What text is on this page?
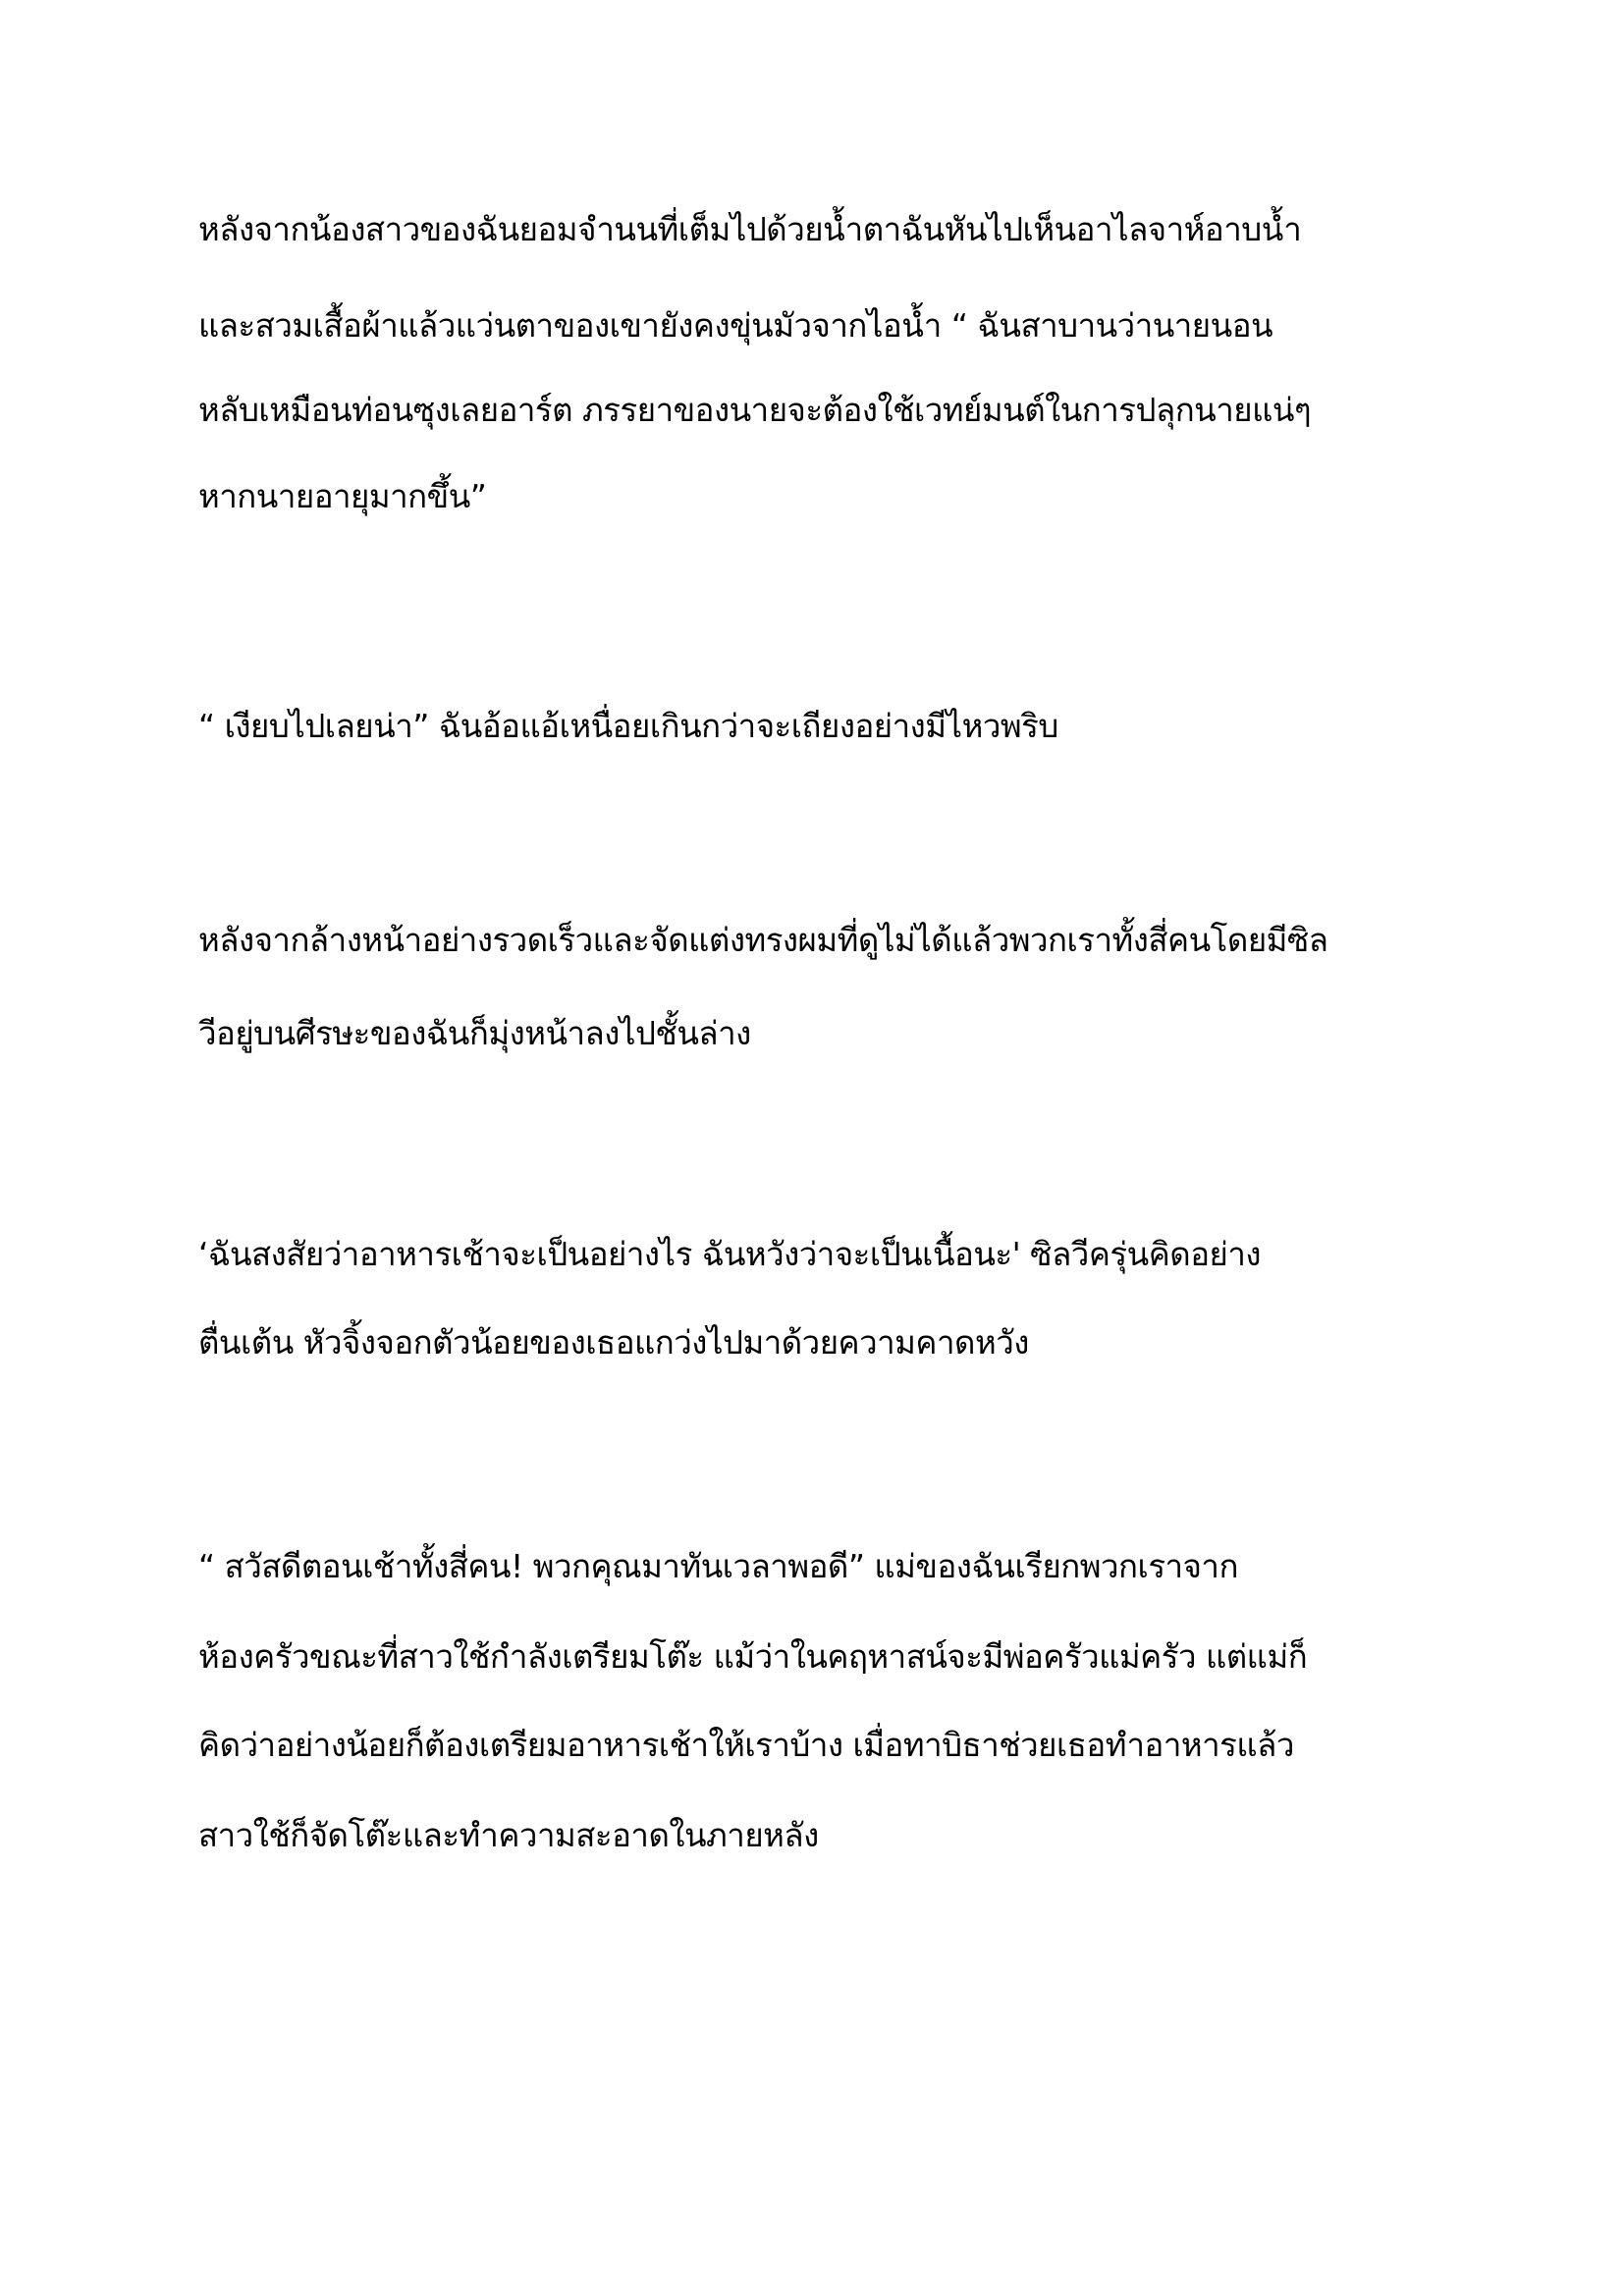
หลังจากน้องสาวของฉันยอมจำนนที่เต็มไปด้วยน้ำตาฉันหันไปเห็นอาไลจาห์อาบน้ำ
และสวมเสื้อผ้าแล้วแว่นตาของเขายังคงขุ่นมัวจากไอน้ำ “ ฉันสาบานว่านายนอน
หลับเหมือนท่อนซุงเลยอาร์ต ภรรยาของนายจะต้องใช้เวทย์มนต์ในการปลุกนายแน่ๆ
หากนายอายุมากขึ้น”
“ เงียบไปเลยน่า” ฉันอ้อแอ้เหนื่อยเกินกว่าจะเถียงอย่างมีไหวพริบ
หลังจากล้างหน้าอย่างรวดเร็วและจัดแต่งทรงผมที่ดูไม่ได้แล้วพวกเราทั้งสี่คนโดยมีซิล
วีอยู่บนศีรษะของฉันก็มุ่งหน้าลงไปชั้นล่าง
‘ฉันสงสัยว่าอาหารเช้าจะเป็นอย่างไร ฉันหวังว่าจะเป็นเนื้อนะ' ซิลวีครุ่นคิดอย่าง
ตื่นเต้น หัวจิ้งจอกตัวน้อยของเธอแกว่งไปมาด้วยความคาดหวัง
“ สวัสดีตอนเช้าทั้งสี่คน! พวกคุณมาทันเวลาพอดี” แม่ของฉันเรียกพวกเราจาก
ห้องครัวขณะที่สาวใช้กำลังเตรียมโต๊ะ แม้ว่าในคฤหาสน์จะมีพ่อครัวแม่ครัว แต่แม่ก็
คิดว่าอย่างน้อยก็ต้องเตรียมอาหารเช้าให้เราบ้าง เมื่อทาบิธาช่วยเธอทำอาหารแล้ว
สาวใช้ก็จัดโต๊ะและทำความสะอาดในภายหลัง
